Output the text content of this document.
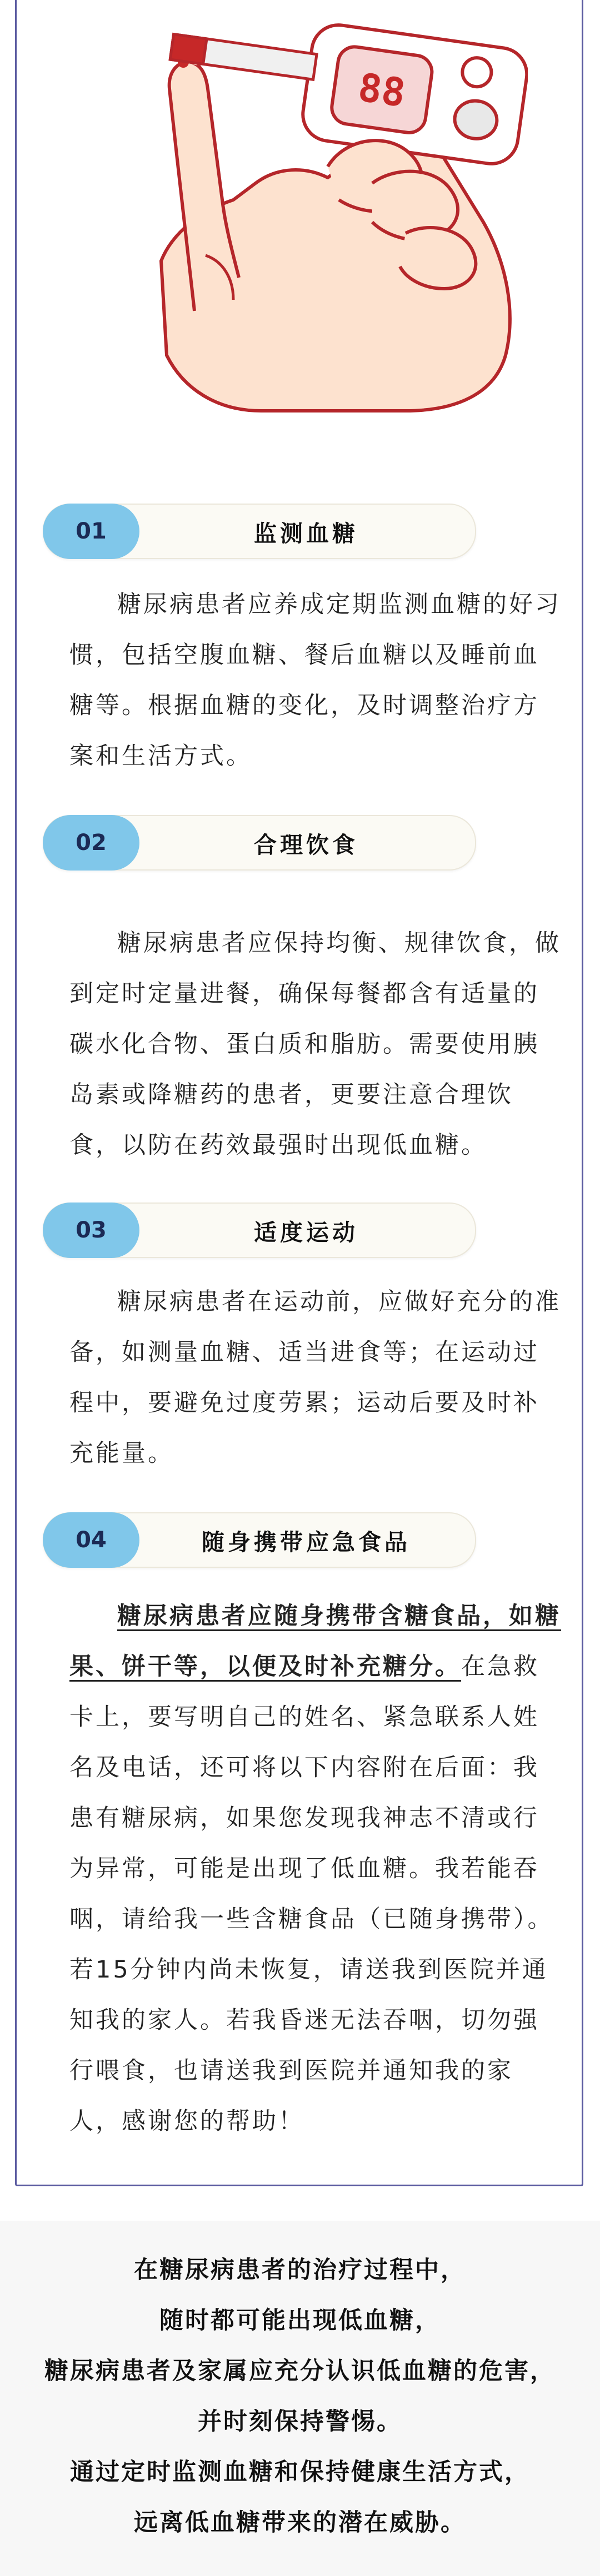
88
01	监测血糖

糖尿病患者应养成定期监测血糖的好习惯，包括空腹血糖、餐后血糖以及睡前血糖等。根据血糖的变化，及时调整治疗方案和生活方式。

02	合理饮食

糖尿病患者应保持均衡、规律饮食，做到定时定量进餐，确保每餐都含有适量的碳水化合物、蛋白质和脂肪。需要使用胰岛素或降糖药的患者，更要注意合理饮食，以防在药效最强时出现低血糖。

03	适度运动

糖尿病患者在运动前，应做好充分的准备，如测量血糖、适当进食等；在运动过程中，要避免过度劳累；运动后要及时补充能量。

04	随身携带应急食品

糖尿病患者应随身携带含糖食品，如糖果、饼干等，以便及时补充糖分。在急救卡上，要写明自己的姓名、紧急联系人姓名及电话，还可将以下内容附在后面：我患有糖尿病，如果您发现我神志不清或行为异常，可能是出现了低血糖。我若能吞咽，请给我一些含糖食品（已随身携带）。若15分钟内尚未恢复，请送我到医院并通知我的家人。若我昏迷无法吞咽，切勿强行喂食，也请送我到医院并通知我的家人，感谢您的帮助！

在糖尿病患者的治疗过程中，
随时都可能出现低血糖，
糖尿病患者及家属应充分认识低血糖的危害，
并时刻保持警惕。
通过定时监测血糖和保持健康生活方式，
远离低血糖带来的潜在威胁。
